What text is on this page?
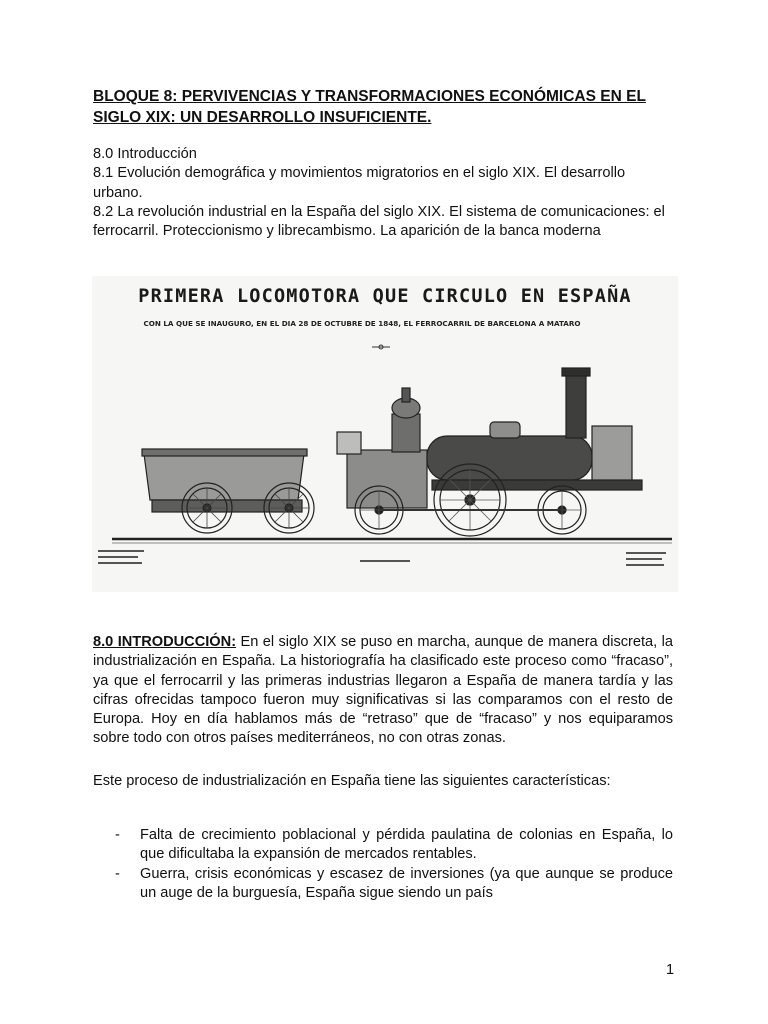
BLOQUE 8: PERVIVENCIAS Y TRANSFORMACIONES ECONÓMICAS EN EL SIGLO XIX: UN DESARROLLO INSUFICIENTE.
8.0 Introducción
8.1 Evolución demográfica y movimientos migratorios en el siglo XIX. El desarrollo urbano.
8.2 La revolución industrial en la España del siglo XIX. El sistema de comunicaciones: el ferrocarril. Proteccionismo y librecambismo. La aparición de la banca moderna
PRIMERA LOCOMOTORA QUE CIRCULO EN ESPAÑA
CON LA QUE SE INAUGURO, EN EL DIA 28 DE OCTUBRE DE 1848, EL FERROCARRIL DE BARCELONA A MATARO

8.0 INTRODUCCIÓN: En el siglo XIX se puso en marcha, aunque de manera discreta, la industrialización en España. La historiografía ha clasificado este proceso como “fracaso”, ya que el ferrocarril y las primeras industrias llegaron a España de manera tardía y las cifras ofrecidas tampoco fueron muy significativas si las comparamos con el resto de Europa. Hoy en día hablamos más de “retraso” que de “fracaso” y nos equiparamos sobre todo con otros países mediterráneos, no con otras zonas.

Este proceso de industrialización en España tiene las siguientes características:

- Falta de crecimiento poblacional y pérdida paulatina de colonias en España, lo que dificultaba la expansión de mercados rentables.

- Guerra, crisis económicas y escasez de inversiones (ya que aunque se produce un auge de la burguesía, España sigue siendo un país

1
